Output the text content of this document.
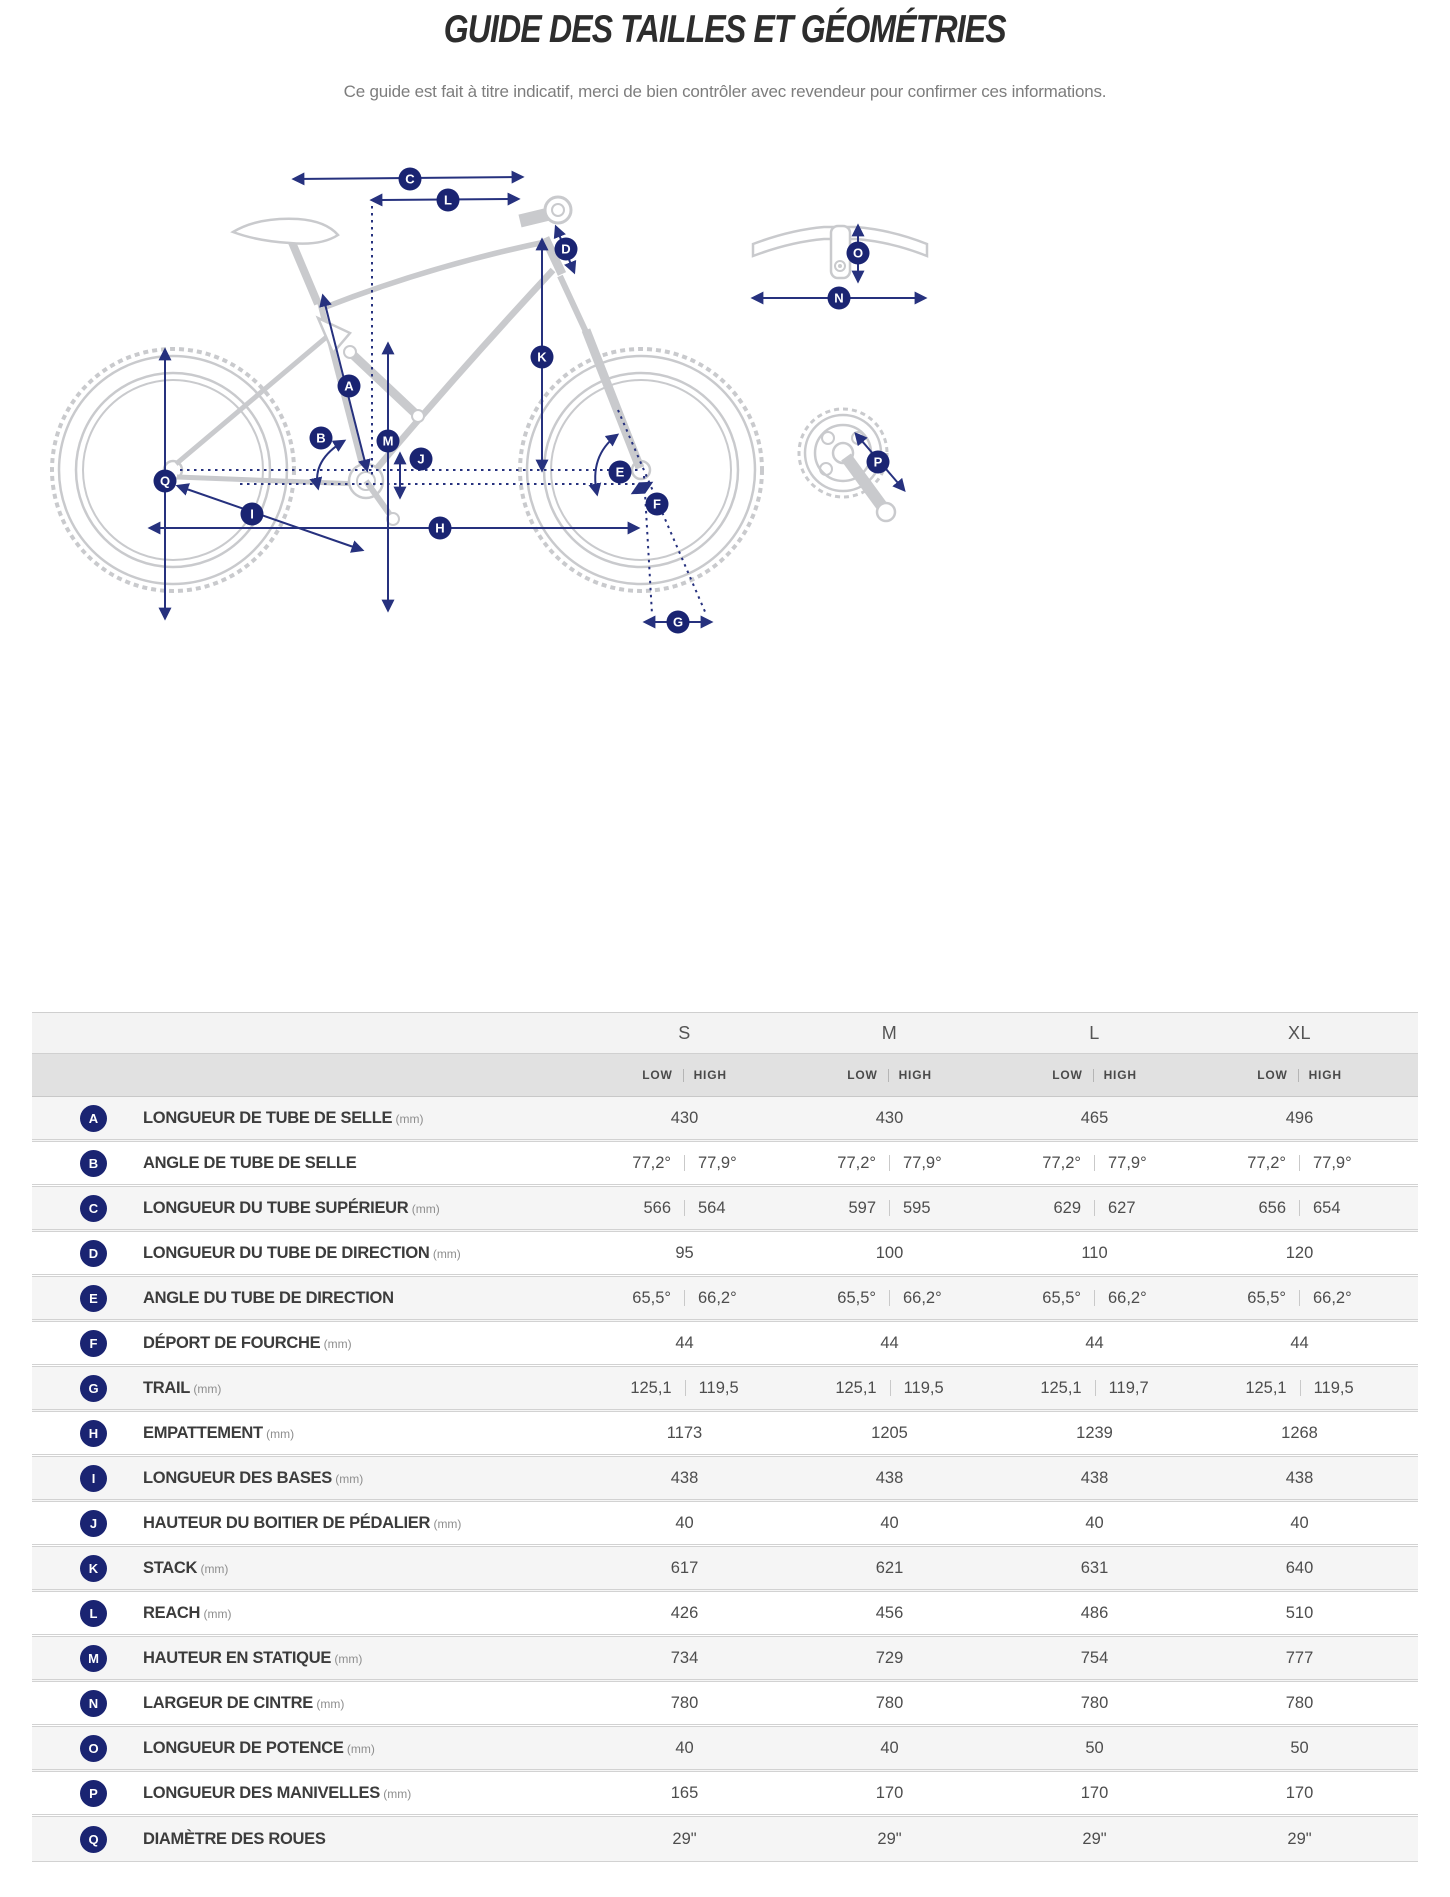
GUIDE DES TAILLES ET GÉOMÉTRIES

Ce guide est fait à titre indicatif, merci de bien contrôler avec revendeur pour confirmer ces informations.
A
B
C
D
E
F
G
H
I
J
K
L
M
N
O
P
Q
S	M	L	XL
LOW HIGH	LOW HIGH	LOW HIGH	LOW HIGH
A	LONGUEUR DE TUBE DE SELLE (mm)	430	430	465	496
B	ANGLE DE TUBE DE SELLE	77,2° 77,9°	77,2° 77,9°	77,2° 77,9°	77,2° 77,9°
C	LONGUEUR DU TUBE SUPÉRIEUR (mm)	566 564	597 595	629 627	656 654
D	LONGUEUR DU TUBE DE DIRECTION (mm)	95	100	110	120
E	ANGLE DU TUBE DE DIRECTION	65,5° 66,2°	65,5° 66,2°	65,5° 66,2°	65,5° 66,2°
F	DÉPORT DE FOURCHE (mm)	44	44	44	44
G	TRAIL (mm)	125,1 119,5	125,1 119,5	125,1 119,7	125,1 119,5
H	EMPATTEMENT (mm)	1173	1205	1239	1268
I	LONGUEUR DES BASES (mm)	438	438	438	438
J	HAUTEUR DU BOITIER DE PÉDALIER (mm)	40	40	40	40
K	STACK (mm)	617	621	631	640
L	REACH (mm)	426	456	486	510
M	HAUTEUR EN STATIQUE (mm)	734	729	754	777
N	LARGEUR DE CINTRE (mm)	780	780	780	780
O	LONGUEUR DE POTENCE (mm)	40	40	50	50
P	LONGUEUR DES MANIVELLES (mm)	165	170	170	170
Q	DIAMÈTRE DES ROUES	29"	29"	29"	29"
